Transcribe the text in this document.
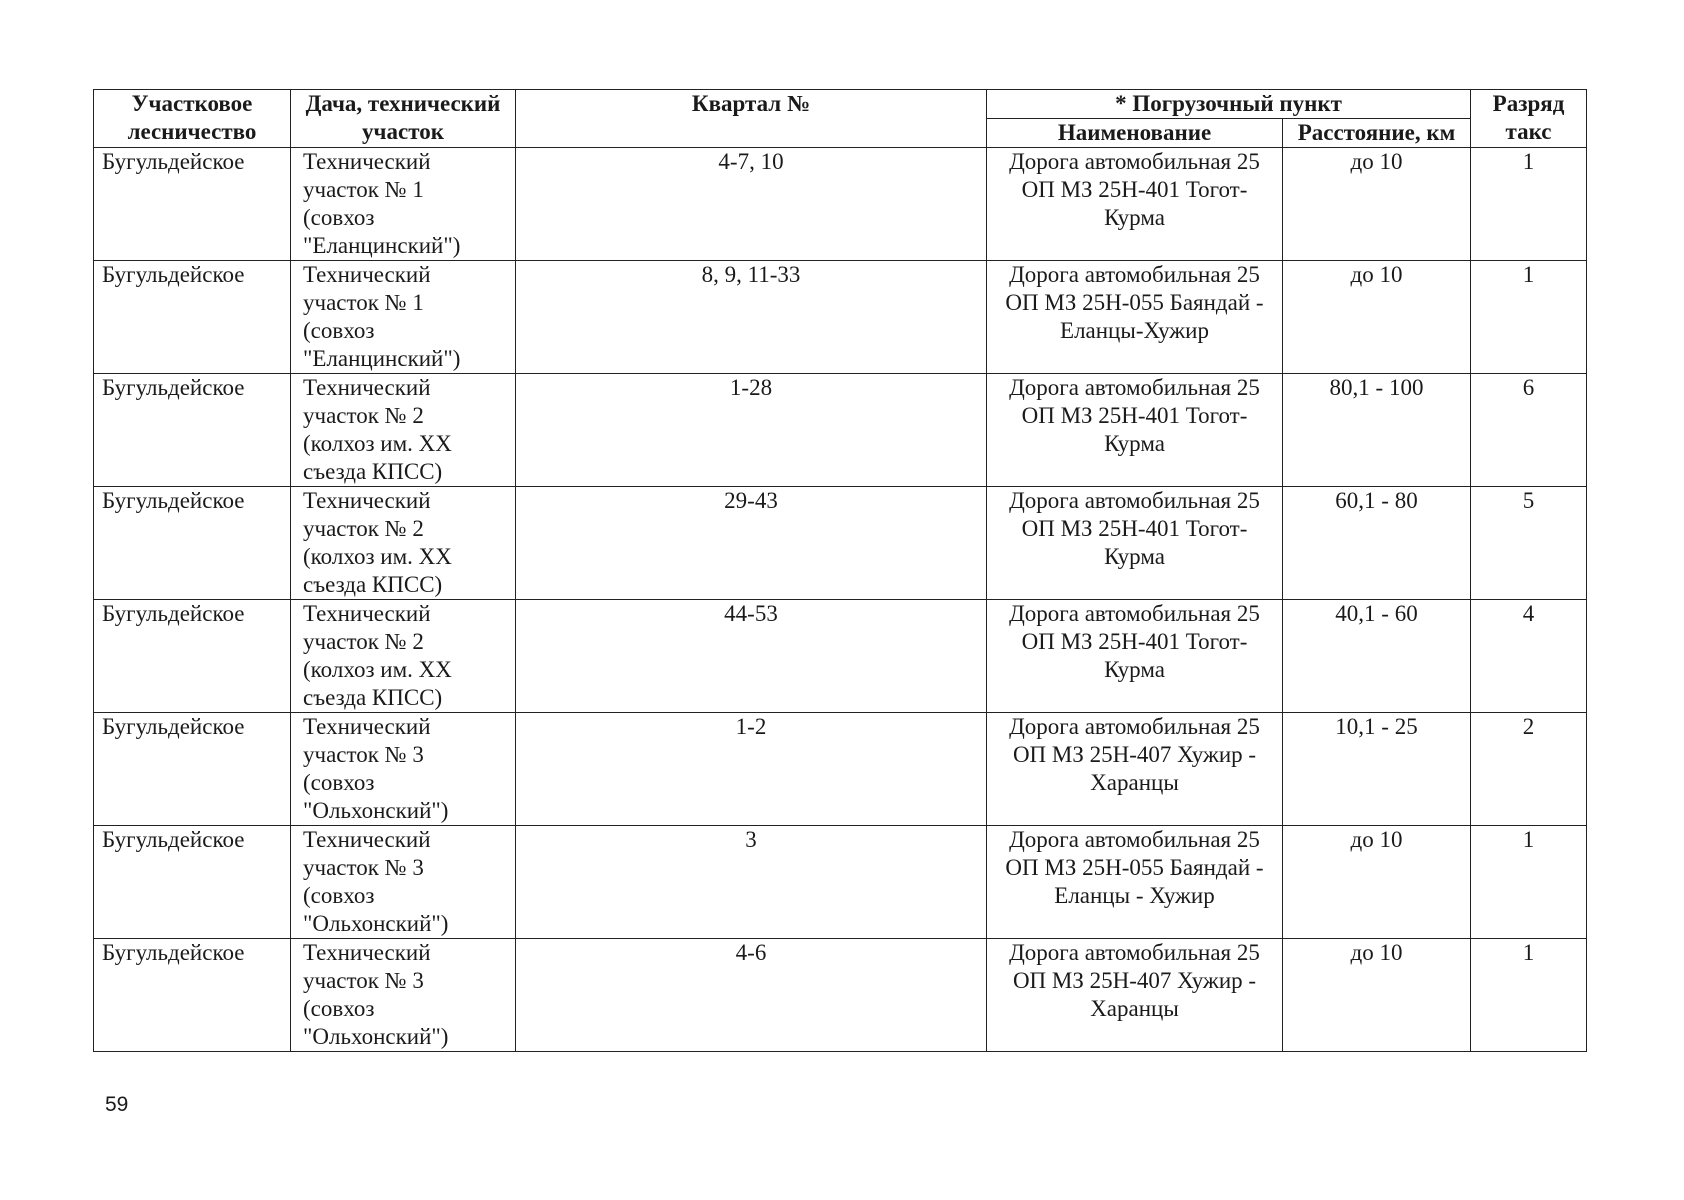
Участковое лесничество	Дача, технический участок	Квартал №	* Погрузочный пункт		Разряд такс
			Наименование	Расстояние, км	

Бугульдейское	Технический
участок № 1
(совхоз
"Еланцинский")	4-7, 10	Дорога автомобильная 25
ОП МЗ 25Н-401 Тогот-
Курма	до 10	1

Бугульдейское	Технический
участок № 1
(совхоз
"Еланцинский")	8, 9, 11-33	Дорога автомобильная 25
ОП МЗ 25Н-055 Баяндай -
Еланцы-Хужир	до 10	1

Бугульдейское	Технический
участок № 2
(колхоз им. XX
съезда КПСС)	1-28	Дорога автомобильная 25
ОП МЗ 25Н-401 Тогот-
Курма	80,1 - 100	6

Бугульдейское	Технический
участок № 2
(колхоз им. XX
съезда КПСС)	29-43	Дорога автомобильная 25
ОП МЗ 25Н-401 Тогот-
Курма	60,1 - 80	5

Бугульдейское	Технический
участок № 2
(колхоз им. XX
съезда КПСС)	44-53	Дорога автомобильная 25
ОП МЗ 25Н-401 Тогот-
Курма	40,1 - 60	4

Бугульдейское	Технический
участок № 3
(совхоз
"Ольхонский")	1-2	Дорога автомобильная 25
ОП МЗ 25Н-407 Хужир -
Харанцы	10,1 - 25	2

Бугульдейское	Технический
участок № 3
(совхоз
"Ольхонский")	3	Дорога автомобильная 25
ОП МЗ 25Н-055 Баяндай -
Еланцы - Хужир	до 10	1

Бугульдейское	Технический
участок № 3
(совхоз
"Ольхонский")	4-6	Дорога автомобильная 25
ОП МЗ 25Н-407 Хужир -
Харанцы	до 10	1
59
